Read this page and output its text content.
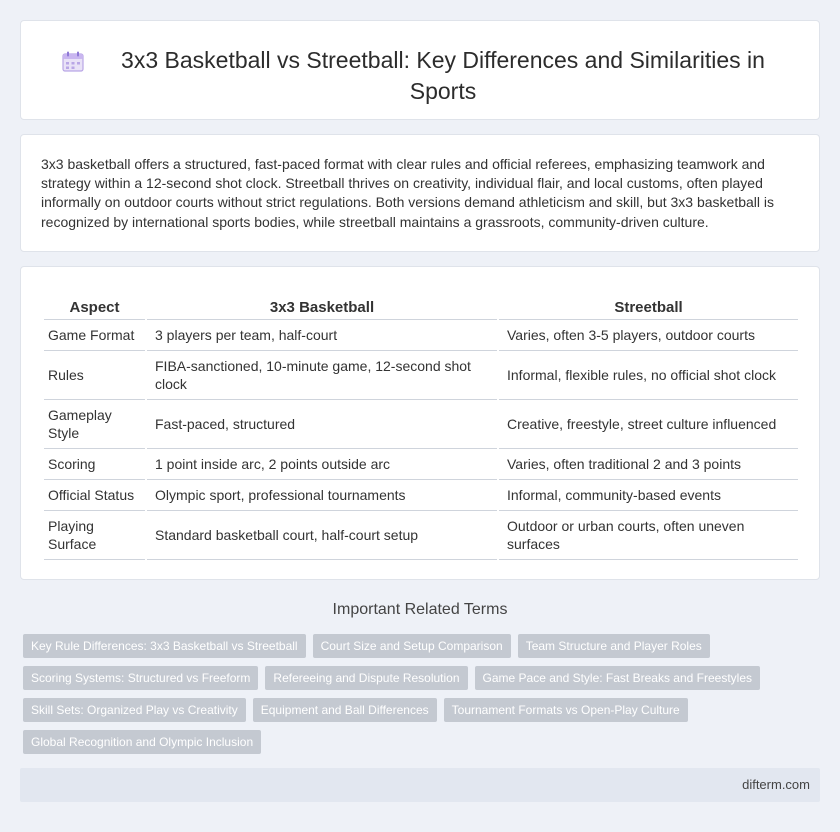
3x3 Basketball vs Streetball: Key Differences and Similarities in Sports

3x3 basketball offers a structured, fast-paced format with clear rules and official referees, emphasizing teamwork and strategy within a 12-second shot clock. Streetball thrives on creativity, individual flair, and local customs, often played informally on outdoor courts without strict regulations. Both versions demand athleticism and skill, but 3x3 basketball is recognized by international sports bodies, while streetball maintains a grassroots, community-driven culture.

Aspect	3x3 Basketball	Streetball
Game Format	3 players per team, half-court	Varies, often 3-5 players, outdoor courts
Rules	FIBA-sanctioned, 10-minute game, 12-second shot clock	Informal, flexible rules, no official shot clock
Gameplay Style	Fast-paced, structured	Creative, freestyle, street culture influenced
Scoring	1 point inside arc, 2 points outside arc	Varies, often traditional 2 and 3 points
Official Status	Olympic sport, professional tournaments	Informal, community-based events
Playing Surface	Standard basketball court, half-court setup	Outdoor or urban courts, often uneven surfaces
Important Related Terms
Key Rule Differences: 3x3 Basketball vs Streetball	Court Size and Setup Comparison	Team Structure and Player Roles
Scoring Systems: Structured vs Freeform	Refereeing and Dispute Resolution	Game Pace and Style: Fast Breaks and Freestyles
Skill Sets: Organized Play vs Creativity	Equipment and Ball Differences	Tournament Formats vs Open-Play Culture
Global Recognition and Olympic Inclusion
difterm.com
